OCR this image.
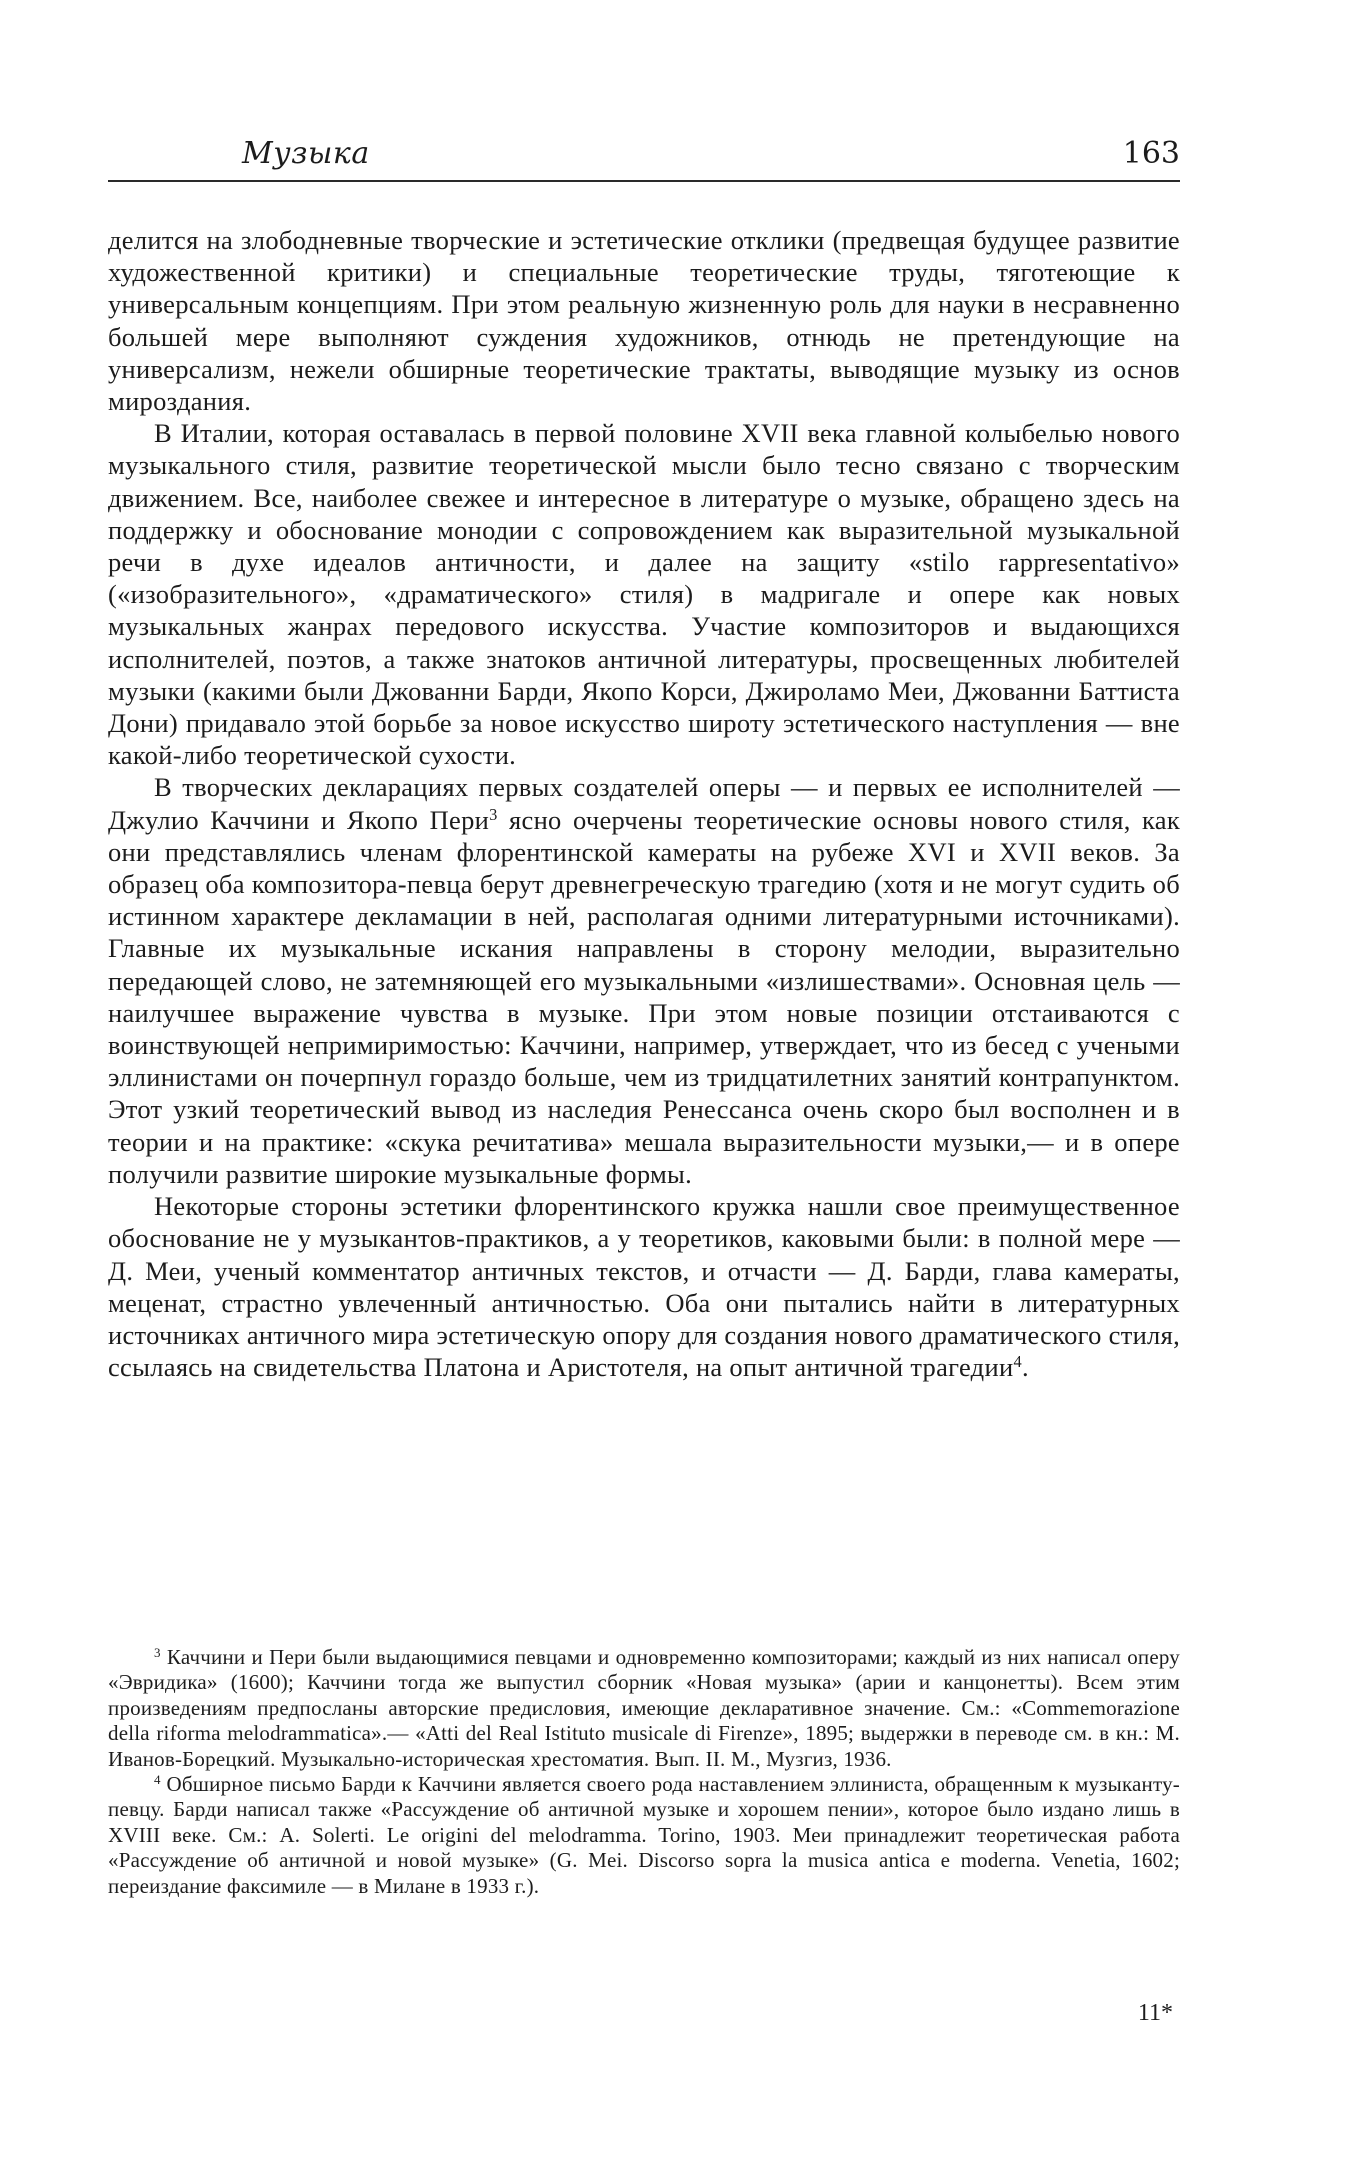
Музыка	163

делится на злободневные творческие и эстетические отклики (предвещая будущее развитие художественной критики) и специальные теоретические труды, тяготеющие к универсальным концепциям. При этом реальную жизненную роль для науки в несравненно большей мере выполняют суждения художников, отнюдь не претендующие на универсализм, нежели обширные теоретические трактаты, выводящие музыку из основ мироздания.

В Италии, которая оставалась в первой половине XVII века главной колыбелью нового музыкального стиля, развитие теоретической мысли было тесно связано с творческим движением. Все, наиболее свежее и интересное в литературе о музыке, обращено здесь на поддержку и обоснование монодии с сопровождением как выразительной музыкальной речи в духе идеалов античности, и далее на защиту «stilo rappresentativo» («изобразительного», «драматического» стиля) в мадригале и опере как новых музыкальных жанрах передового искусства. Участие композиторов и выдающихся исполнителей, поэтов, а также знатоков античной литературы, просвещенных любителей музыки (какими были Джованни Барди, Якопо Корси, Джироламо Меи, Джованни Баттиста Дони) придавало этой борьбе за новое искусство широту эстетического наступления — вне какой-либо теоретической сухости.

В творческих декларациях первых создателей оперы — и первых ее исполнителей — Джулио Каччини и Якопо Пери$^3$ ясно очерчены теоретические основы нового стиля, как они представлялись членам флорентинской камераты на рубеже XVI и XVII веков. За образец оба композитора-певца берут древнегреческую трагедию (хотя и не могут судить об истинном характере декламации в ней, располагая одними литературными источниками). Главные их музыкальные искания направлены в сторону мелодии, выразительно передающей слово, не затемняющей его музыкальными «излишествами». Основная цель — наилучшее выражение чувства в музыке. При этом новые позиции отстаиваются с воинствующей непримиримостью: Каччини, например, утверждает, что из бесед с учеными эллинистами он почерпнул гораздо больше, чем из тридцатилетних занятий контрапунктом. Этот узкий теоретический вывод из наследия Ренессанса очень скоро был восполнен и в теории и на практике: «скука речитатива» мешала выразительности музыки,— и в опере получили развитие широкие музыкальные формы.

Некоторые стороны эстетики флорентинского кружка нашли свое преимущественное обоснование не у музыкантов-практиков, а у теоретиков, каковыми были: в полной мере — Д. Меи, ученый комментатор античных текстов, и отчасти — Д. Барди, глава камераты, меценат, страстно увлеченный античностью. Оба они пытались найти в литературных источниках античного мира эстетическую опору для создания нового драматического стиля, ссылаясь на свидетельства Платона и Аристотеля, на опыт античной трагедии$^4$.

$^3$ Каччини и Пери были выдающимися певцами и одновременно композиторами; каждый из них написал оперу «Эвридика» (1600); Каччини тогда же выпустил сборник «Новая музыка» (арии и канцонетты). Всем этим произведениям предпосланы авторские предисловия, имеющие декларативное значение. См.: «Commemorazione della riforma melodrammatica».— «Atti del Real Istituto musicale di Firenze», 1895; выдержки в переводе см. в кн.: М. Иванов-Борецкий. Музыкально-историческая хрестоматия. Вып. II. М., Музгиз, 1936.

$^4$ Обширное письмо Барди к Каччини является своего рода наставлением эллиниста, обращенным к музыканту-певцу. Барди написал также «Рассуждение об античной музыке и хорошем пении», которое было издано лишь в XVIII веке. См.: A. Solerti. Le origini del melodramma. Torino, 1903. Меи принадлежит теоретическая работа «Рассуждение об античной и новой музыке» (G. Mei. Discorso sopra la musica antica e moderna. Venetia, 1602; переиздание факсимиле — в Милане в 1933 г.).

11*
